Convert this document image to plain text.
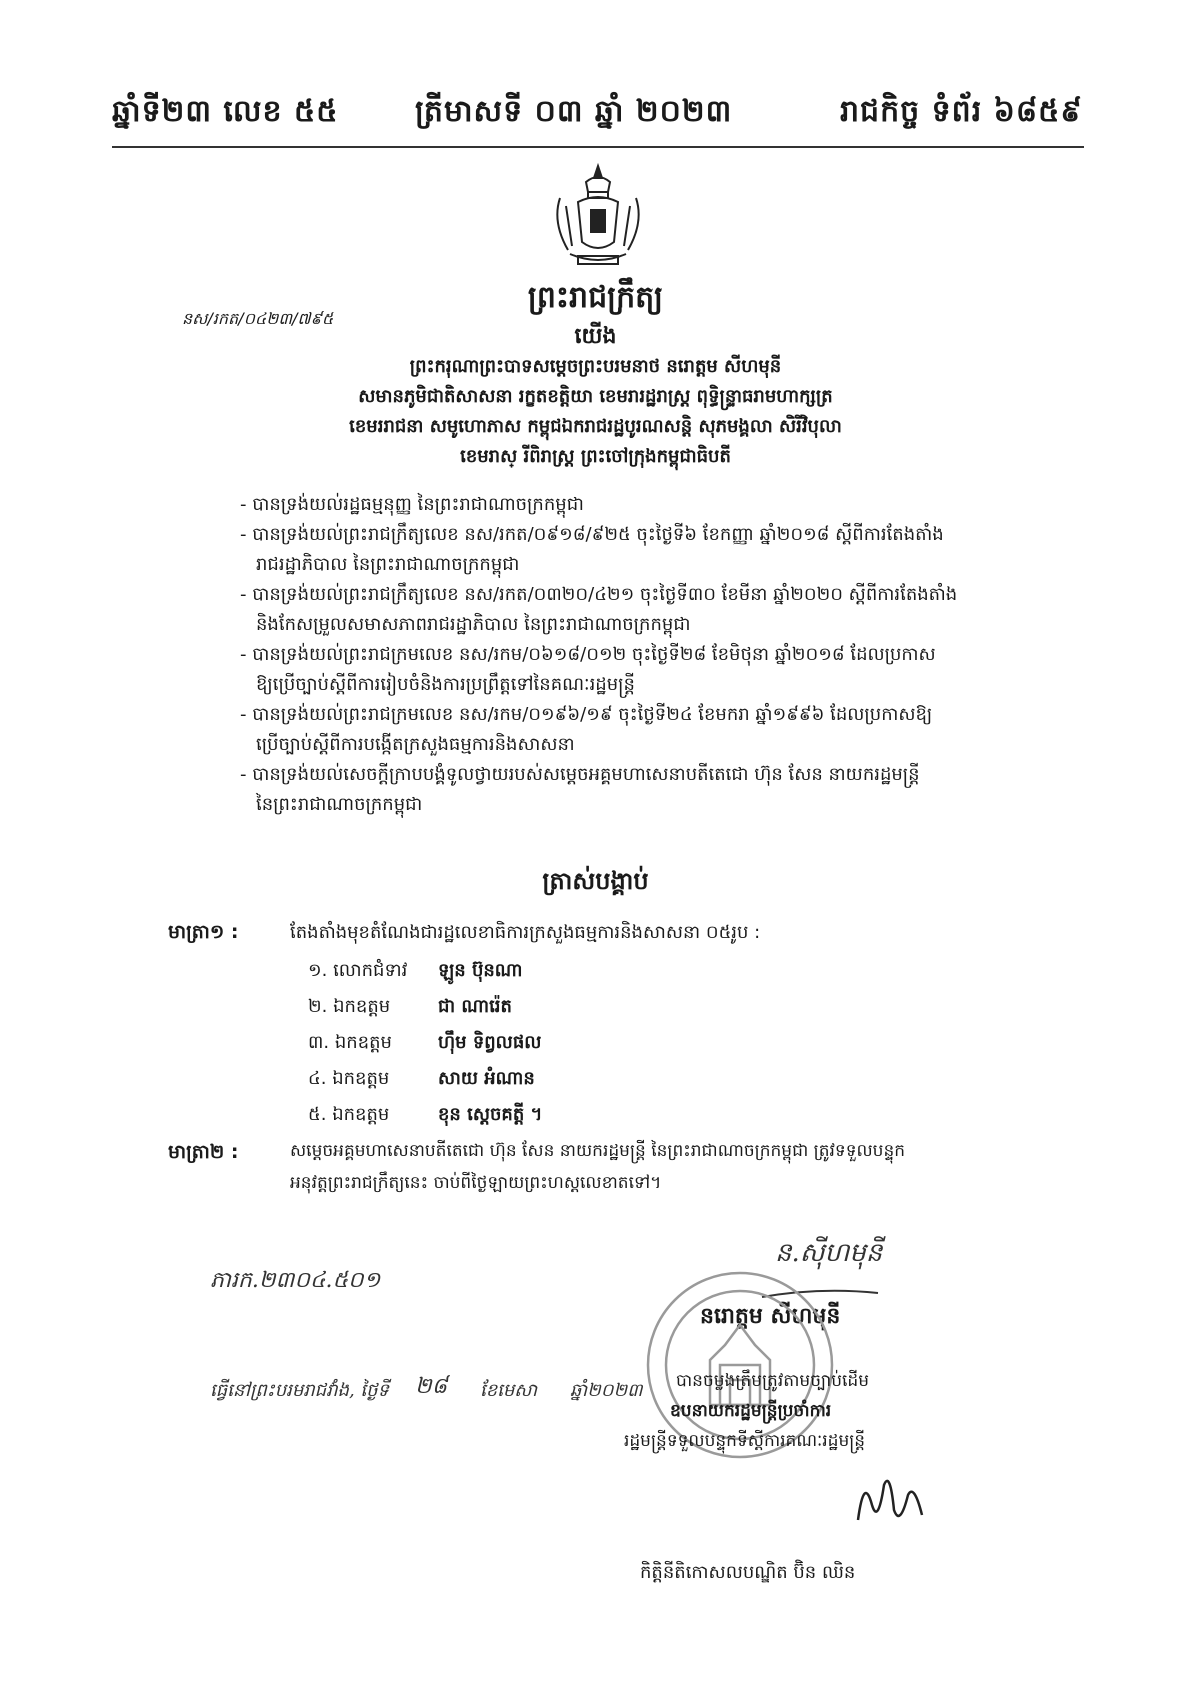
ឆ្នាំទី២៣ លេខ ៥៥	ត្រីមាសទី ០៣ ឆ្នាំ ២០២៣	រាជកិច្ច ទំព័រ ៦៨៥៩
នស/រកត/០៤២៣/៧៩៥
ព្រះរាជក្រឹត្យ
យើង
ព្រះករុណាព្រះបាទសម្តេចព្រះបរមនាថ នរោត្តម សីហមុនី
សមានភូមិជាតិសាសនា រក្ខតខត្តិយា ខេមរារដ្ឋរាស្ត្រ ពុទ្ធិន្ទ្រាធរាមហាក្សត្រ
ខេមររាជនា សមូហោភាស កម្ពុជឯករាជរដ្ឋបូរណសន្តិ សុភមង្គលា សិរីវិបុលា
ខេមរាស្ រីពិរាស្ត្រ ព្រះចៅក្រុងកម្ពុជាធិបតី
- បានទ្រង់យល់រដ្ឋធម្មនុញ្ញ នៃព្រះរាជាណាចក្រកម្ពុជា
- បានទ្រង់យល់ព្រះរាជក្រឹត្យលេខ នស/រកត/០៩១៨/៩២៥ ចុះថ្ងៃទី៦ ខែកញ្ញា ឆ្នាំ២០១៨ ស្តីពីការតែងតាំង
រាជរដ្ឋាភិបាល នៃព្រះរាជាណាចក្រកម្ពុជា
- បានទ្រង់យល់ព្រះរាជក្រឹត្យលេខ នស/រកត/០៣២០/៤២១ ចុះថ្ងៃទី៣០ ខែមីនា ឆ្នាំ២០២០ ស្តីពីការតែងតាំង
និងកែសម្រួលសមាសភាពរាជរដ្ឋាភិបាល នៃព្រះរាជាណាចក្រកម្ពុជា
- បានទ្រង់យល់ព្រះរាជក្រមលេខ នស/រកម/០៦១៨/០១២ ចុះថ្ងៃទី២៨ ខែមិថុនា ឆ្នាំ២០១៨ ដែលប្រកាស
ឱ្យប្រើច្បាប់ស្តីពីការរៀបចំនិងការប្រព្រឹត្តទៅនៃគណៈរដ្ឋមន្ត្រី
- បានទ្រង់យល់ព្រះរាជក្រមលេខ នស/រកម/០១៩៦/១៩ ចុះថ្ងៃទី២៤ ខែមករា ឆ្នាំ១៩៩៦ ដែលប្រកាសឱ្យ
ប្រើច្បាប់ស្តីពីការបង្កើតក្រសួងធម្មការនិងសាសនា
- បានទ្រង់យល់សេចក្តីក្រាបបង្គំទូលថ្វាយរបស់សម្តេចអគ្គមហាសេនាបតីតេជោ ហ៊ុន សែន នាយករដ្ឋមន្ត្រី
នៃព្រះរាជាណាចក្រកម្ពុជា
ត្រាស់បង្គាប់
មាត្រា១ :	តែងតាំងមុខតំណែងជារដ្ឋលេខាធិការក្រសួងធម្មការនិងសាសនា ០៥រូប :
១. លោកជំទាវ ឡូន ប៊ុនណា
២. ឯកឧត្តម	ជា ណារ៉េត
៣. ឯកឧត្តម	ហ៊ឹម ទិព្វលផល
៤. ឯកឧត្តម	សាយ អំណាន
៥. ឯកឧត្តម	ខុន ស្តេចគត្តី ។
មាត្រា២ :	សម្តេចអគ្គមហាសេនាបតីតេជោ ហ៊ុន សែន នាយករដ្ឋមន្ត្រី នៃព្រះរាជាណាចក្រកម្ពុជា ត្រូវទទួលបន្ទុក
អនុវត្តព្រះរាជក្រឹត្យនេះ ចាប់ពីថ្ងៃឡាយព្រះហស្តលេខាតទៅ។
ភារក.២៣០៤.៥០១
ន.ស៊ីហមុនី
នរោត្តម សីហមុនី
ធ្វើនៅព្រះបរមរាជវាំង, ថ្ងៃទី ២៨ ខែមេសា ឆ្នាំ២០២៣ បានចម្លងត្រឹមត្រូវតាមច្បាប់ដើម
ឧបនាយករដ្ឋមន្ត្រីប្រចាំការ
រដ្ឋមន្ត្រីទទួលបន្ទុកទីស្តីការគណៈរដ្ឋមន្ត្រី
កិត្តិនីតិកោសលបណ្ឌិត ប៊ិន ឈិន
